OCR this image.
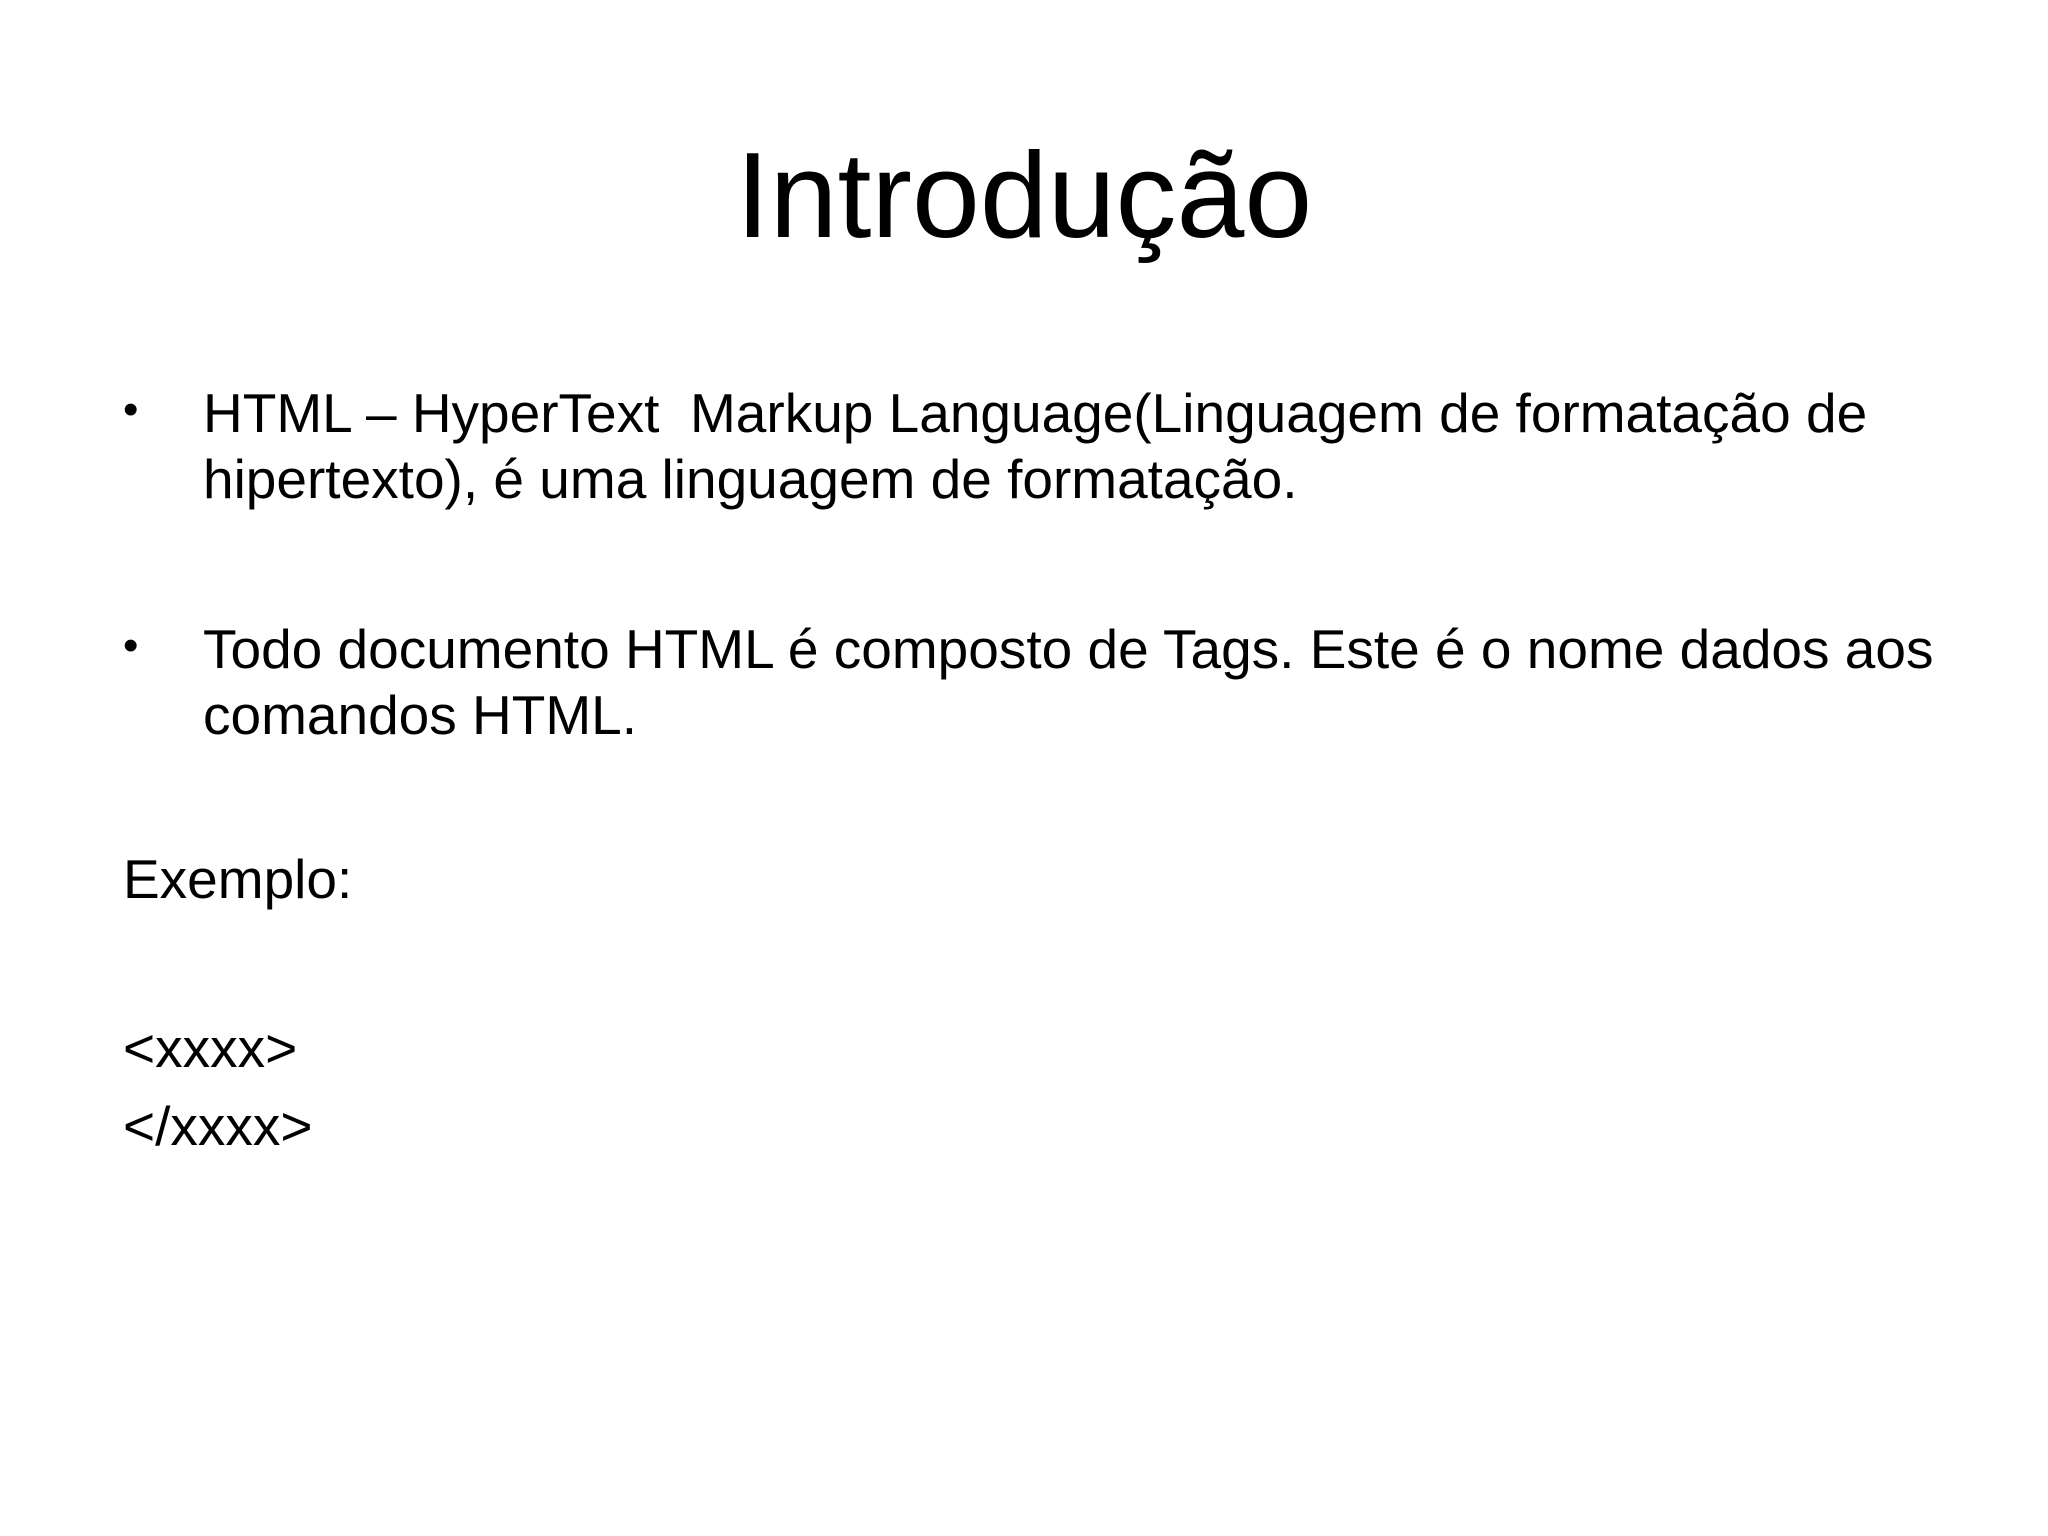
Introdução
• HTML – HyperText  Markup Language(Linguagem de formatação de hipertexto), é uma linguagem de formatação.
• Todo documento HTML é composto de Tags. Este é o nome dados aos comandos HTML.
Exemplo:
<xxxx>
</xxxx>
